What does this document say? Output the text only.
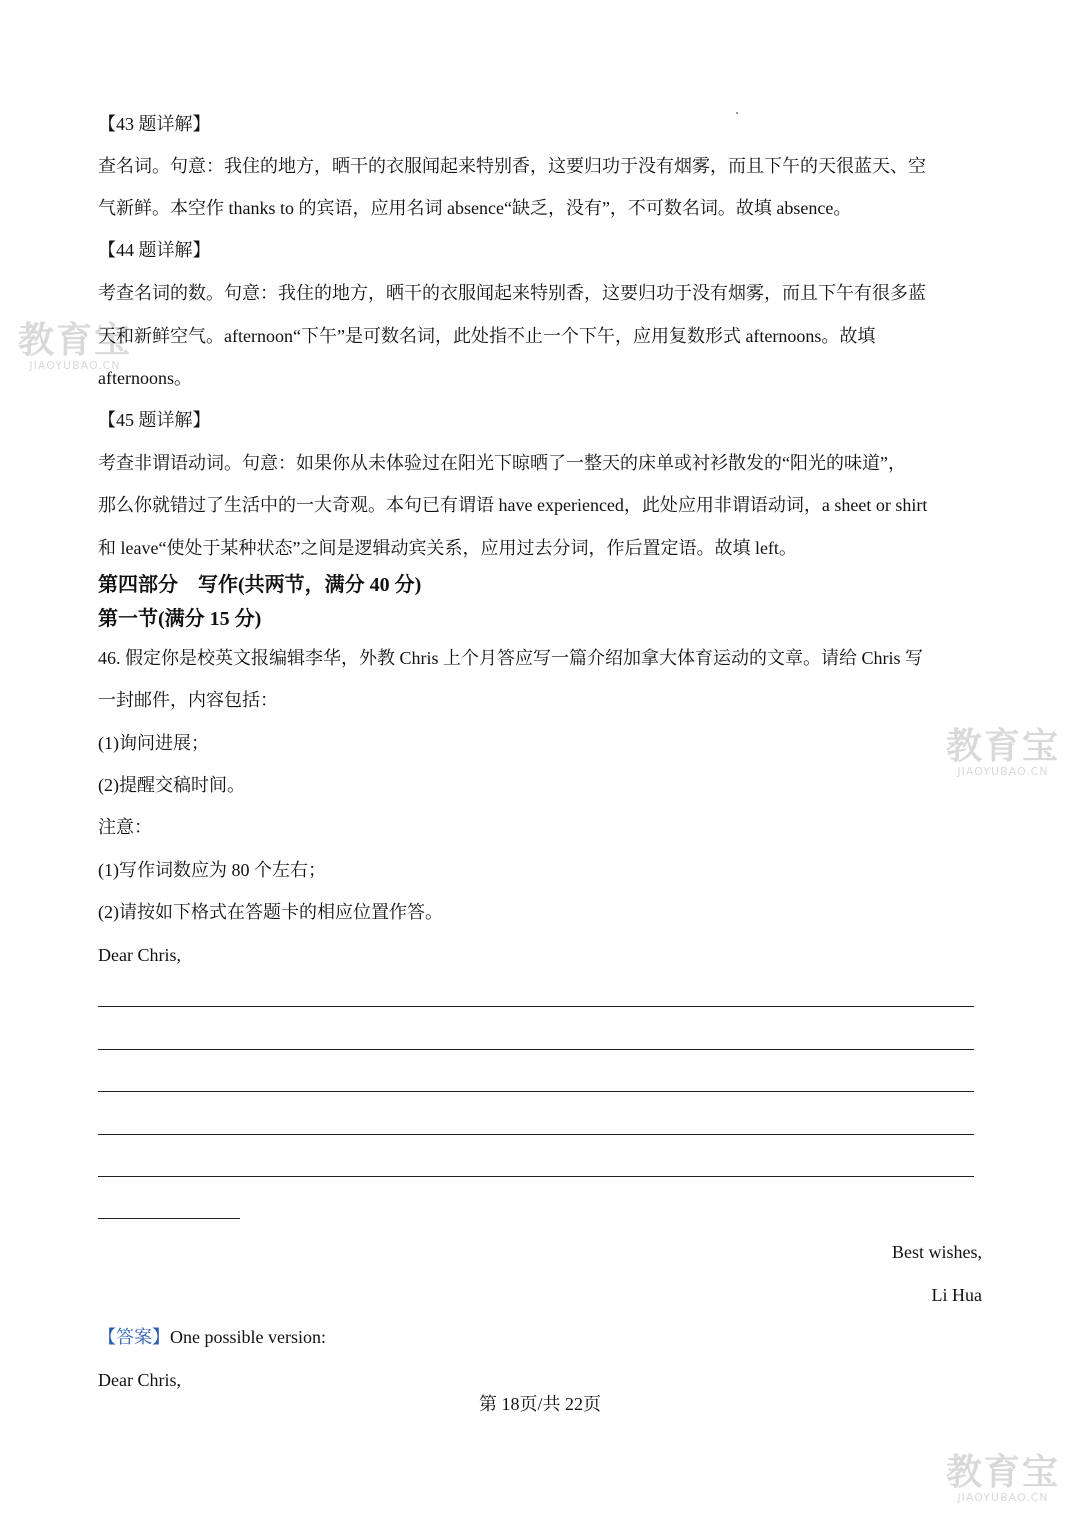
教育宝
JIAOYUBAO.CN
教育宝
JIAOYUBAO.CN
教育宝
JIAOYUBAO.CN
【43 题详解】
查名词。句意：我住的地方，晒干的衣服闻起来特别香，这要归功于没有烟雾，而且下午的天很蓝天、空
气新鲜。本空作 thanks to 的宾语，应用名词 absence“缺乏，没有”，不可数名词。故填 absence。
【44 题详解】
考查名词的数。句意：我住的地方，晒干的衣服闻起来特别香，这要归功于没有烟雾，而且下午有很多蓝
天和新鲜空气。afternoon“下午”是可数名词，此处指不止一个下午，应用复数形式 afternoons。故填
afternoons。
【45 题详解】
考查非谓语动词。句意：如果你从未体验过在阳光下晾晒了一整天的床单或衬衫散发的“阳光的味道”，
那么你就错过了生活中的一大奇观。本句已有谓语 have experienced，此处应用非谓语动词，a sheet or shirt
和 leave“使处于某种状态”之间是逻辑动宾关系，应用过去分词，作后置定语。故填 left。
第四部分　写作(共两节，满分 40 分)
第一节(满分 15 分)
46. 假定你是校英文报编辑李华，外教 Chris 上个月答应写一篇介绍加拿大体育运动的文章。请给 Chris 写
一封邮件，内容包括：
(1)询问进展；
(2)提醒交稿时间。
注意：
(1)写作词数应为 80 个左右；
(2)请按如下格式在答题卡的相应位置作答。
Dear Chris,
Best wishes,
Li Hua
【答案】One possible version:
Dear Chris,
第 18页/共 22页
